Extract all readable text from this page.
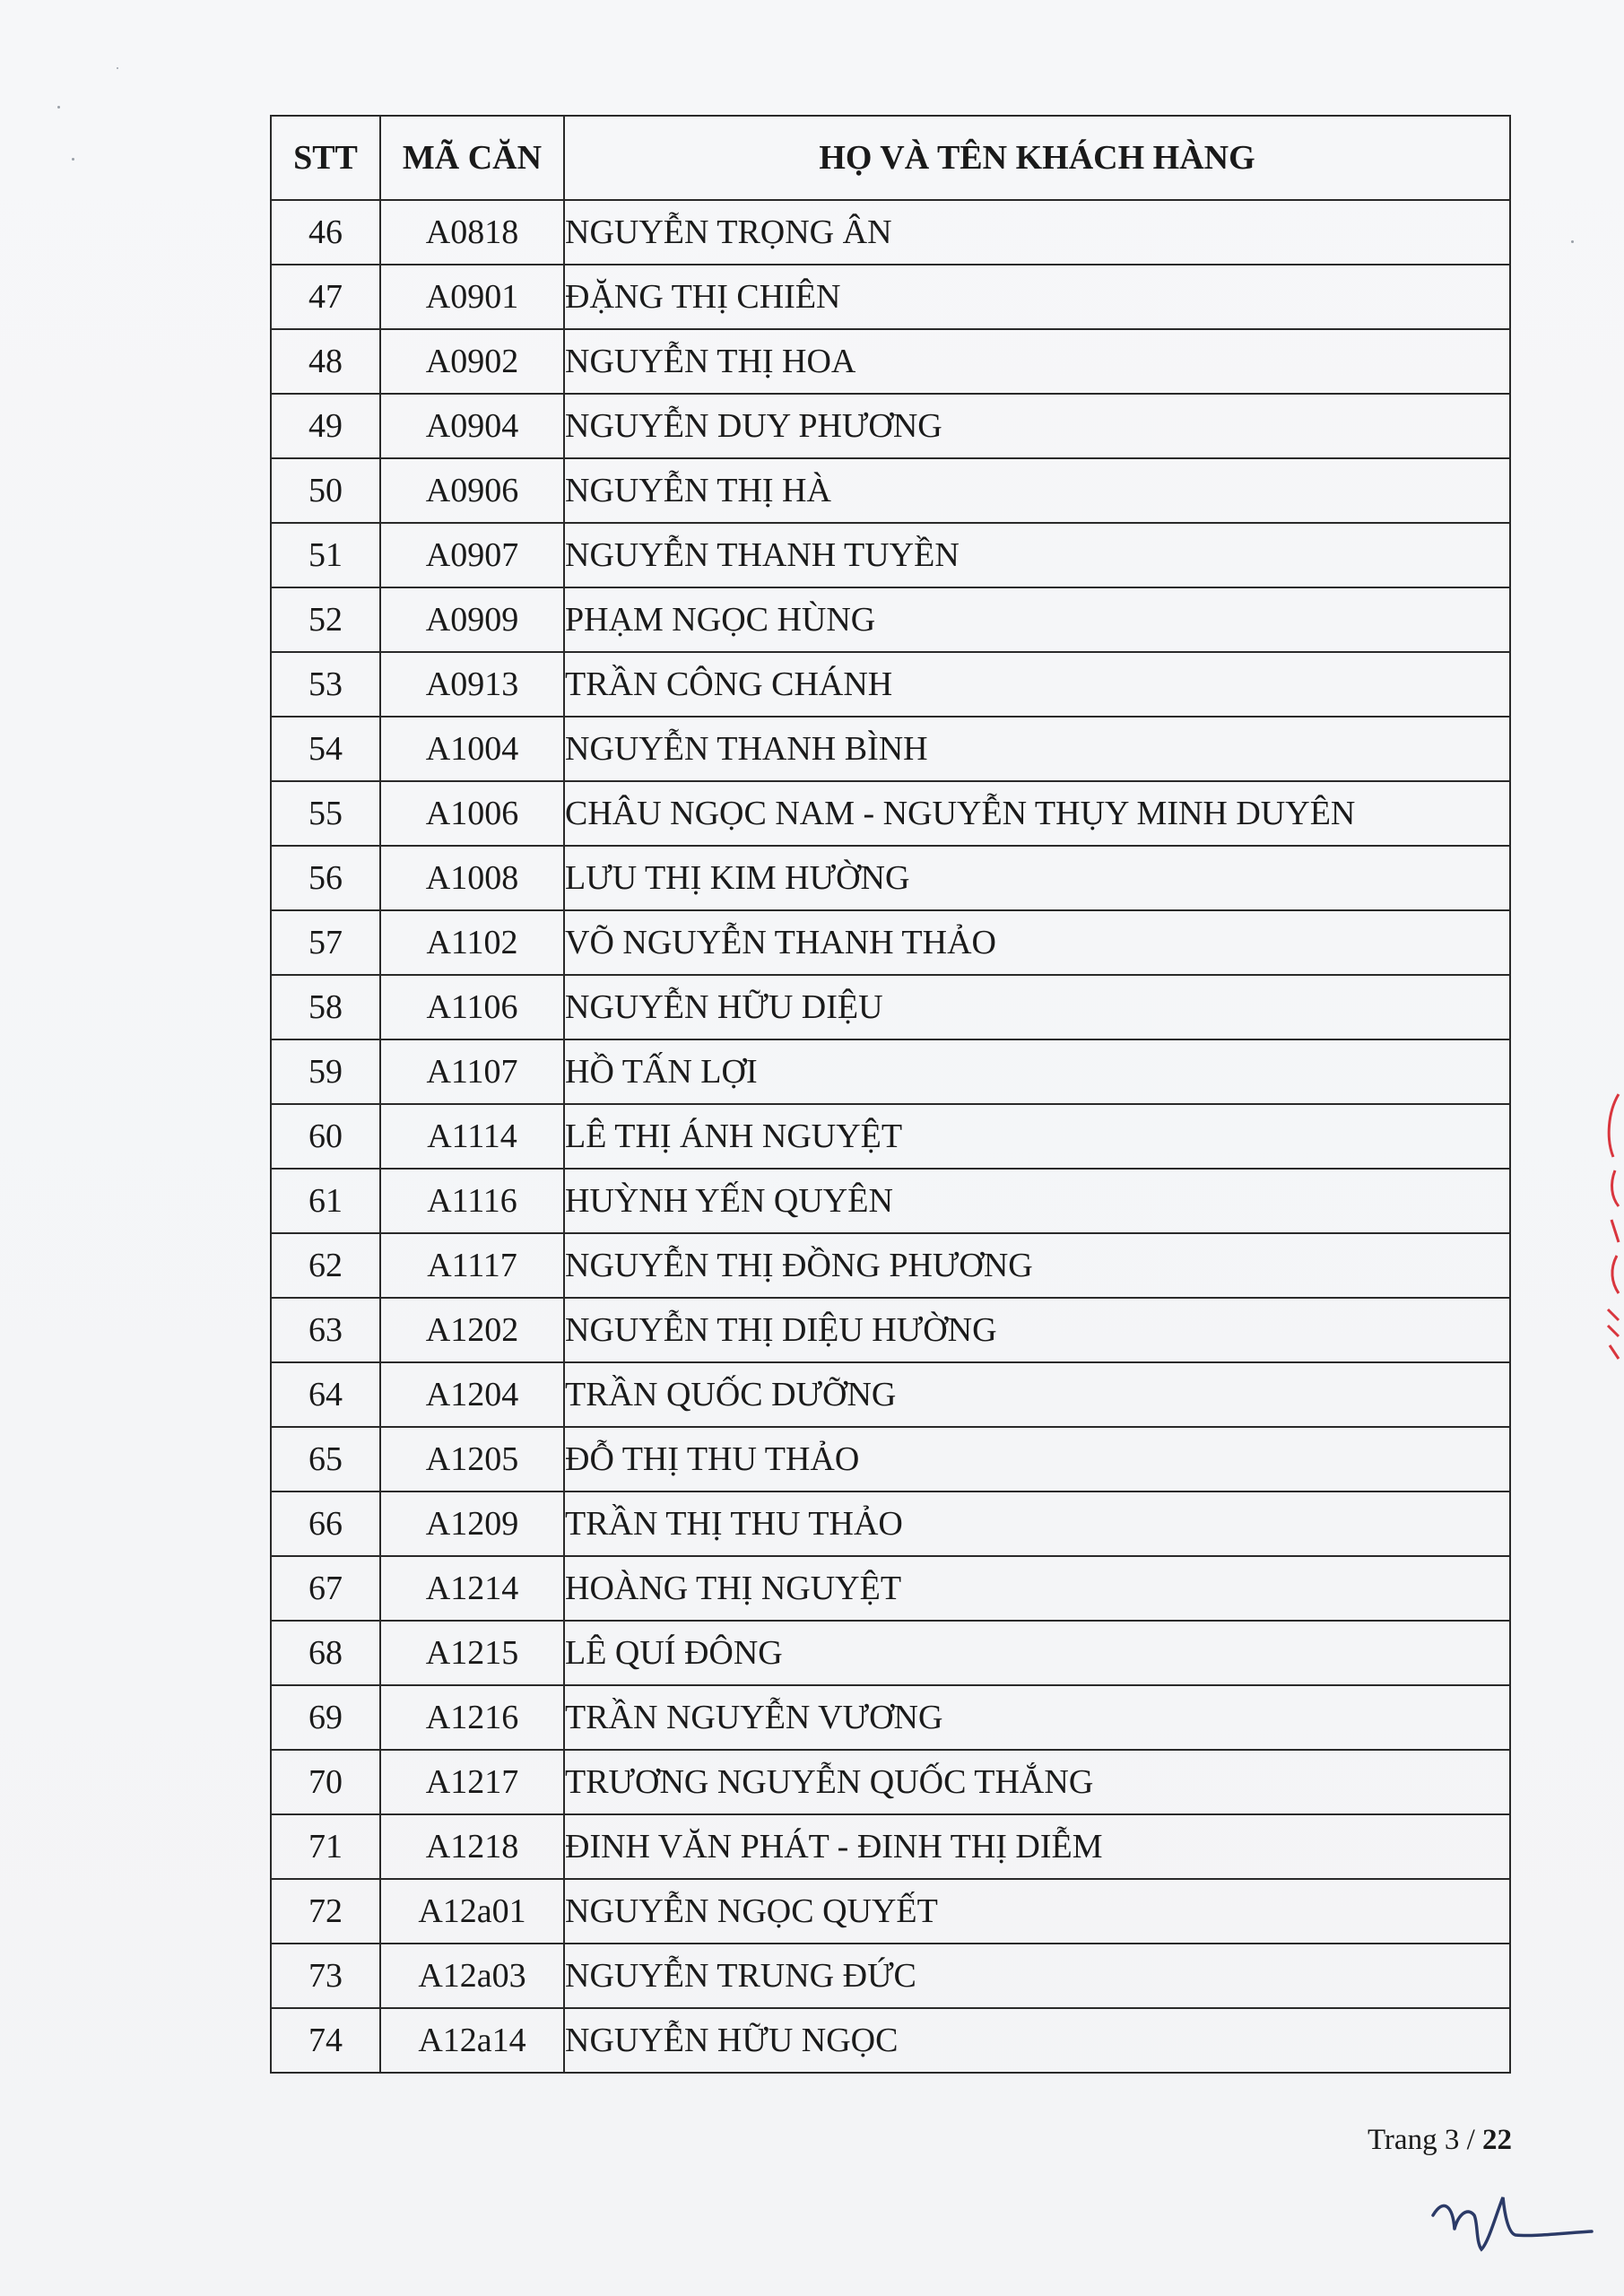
STT	MÃ CĂN	HỌ VÀ TÊN KHÁCH HÀNG
46	A0818	NGUYỄN TRỌNG ÂN
47	A0901	ĐẶNG THỊ CHIÊN
48	A0902	NGUYỄN THỊ HOA
49	A0904	NGUYỄN DUY PHƯƠNG
50	A0906	NGUYỄN THỊ HÀ
51	A0907	NGUYỄN THANH TUYỀN
52	A0909	PHẠM NGỌC HÙNG
53	A0913	TRẦN CÔNG CHÁNH
54	A1004	NGUYỄN THANH BÌNH
55	A1006	CHÂU NGỌC NAM - NGUYỄN THỤY MINH DUYÊN
56	A1008	LƯU THỊ KIM HƯỜNG
57	A1102	VÕ NGUYỄN THANH THẢO
58	A1106	NGUYỄN HỮU DIỆU
59	A1107	HỒ TẤN LỢI
60	A1114	LÊ THỊ ÁNH NGUYỆT
61	A1116	HUỲNH YẾN QUYÊN
62	A1117	NGUYỄN THỊ ĐỒNG PHƯƠNG
63	A1202	NGUYỄN THỊ DIỆU HƯỜNG
64	A1204	TRẦN QUỐC DƯỠNG
65	A1205	ĐỖ THỊ THU THẢO
66	A1209	TRẦN THỊ THU THẢO
67	A1214	HOÀNG THỊ NGUYỆT
68	A1215	LÊ QUÍ ĐÔNG
69	A1216	TRẦN NGUYỄN VƯƠNG
70	A1217	TRƯƠNG NGUYỄN QUỐC THẮNG
71	A1218	ĐINH VĂN PHÁT - ĐINH THỊ DIỄM
72	A12a01	NGUYỄN NGỌC QUYẾT
73	A12a03	NGUYỄN TRUNG ĐỨC
74	A12a14	NGUYỄN HỮU NGỌC
Trang 3 / 22
